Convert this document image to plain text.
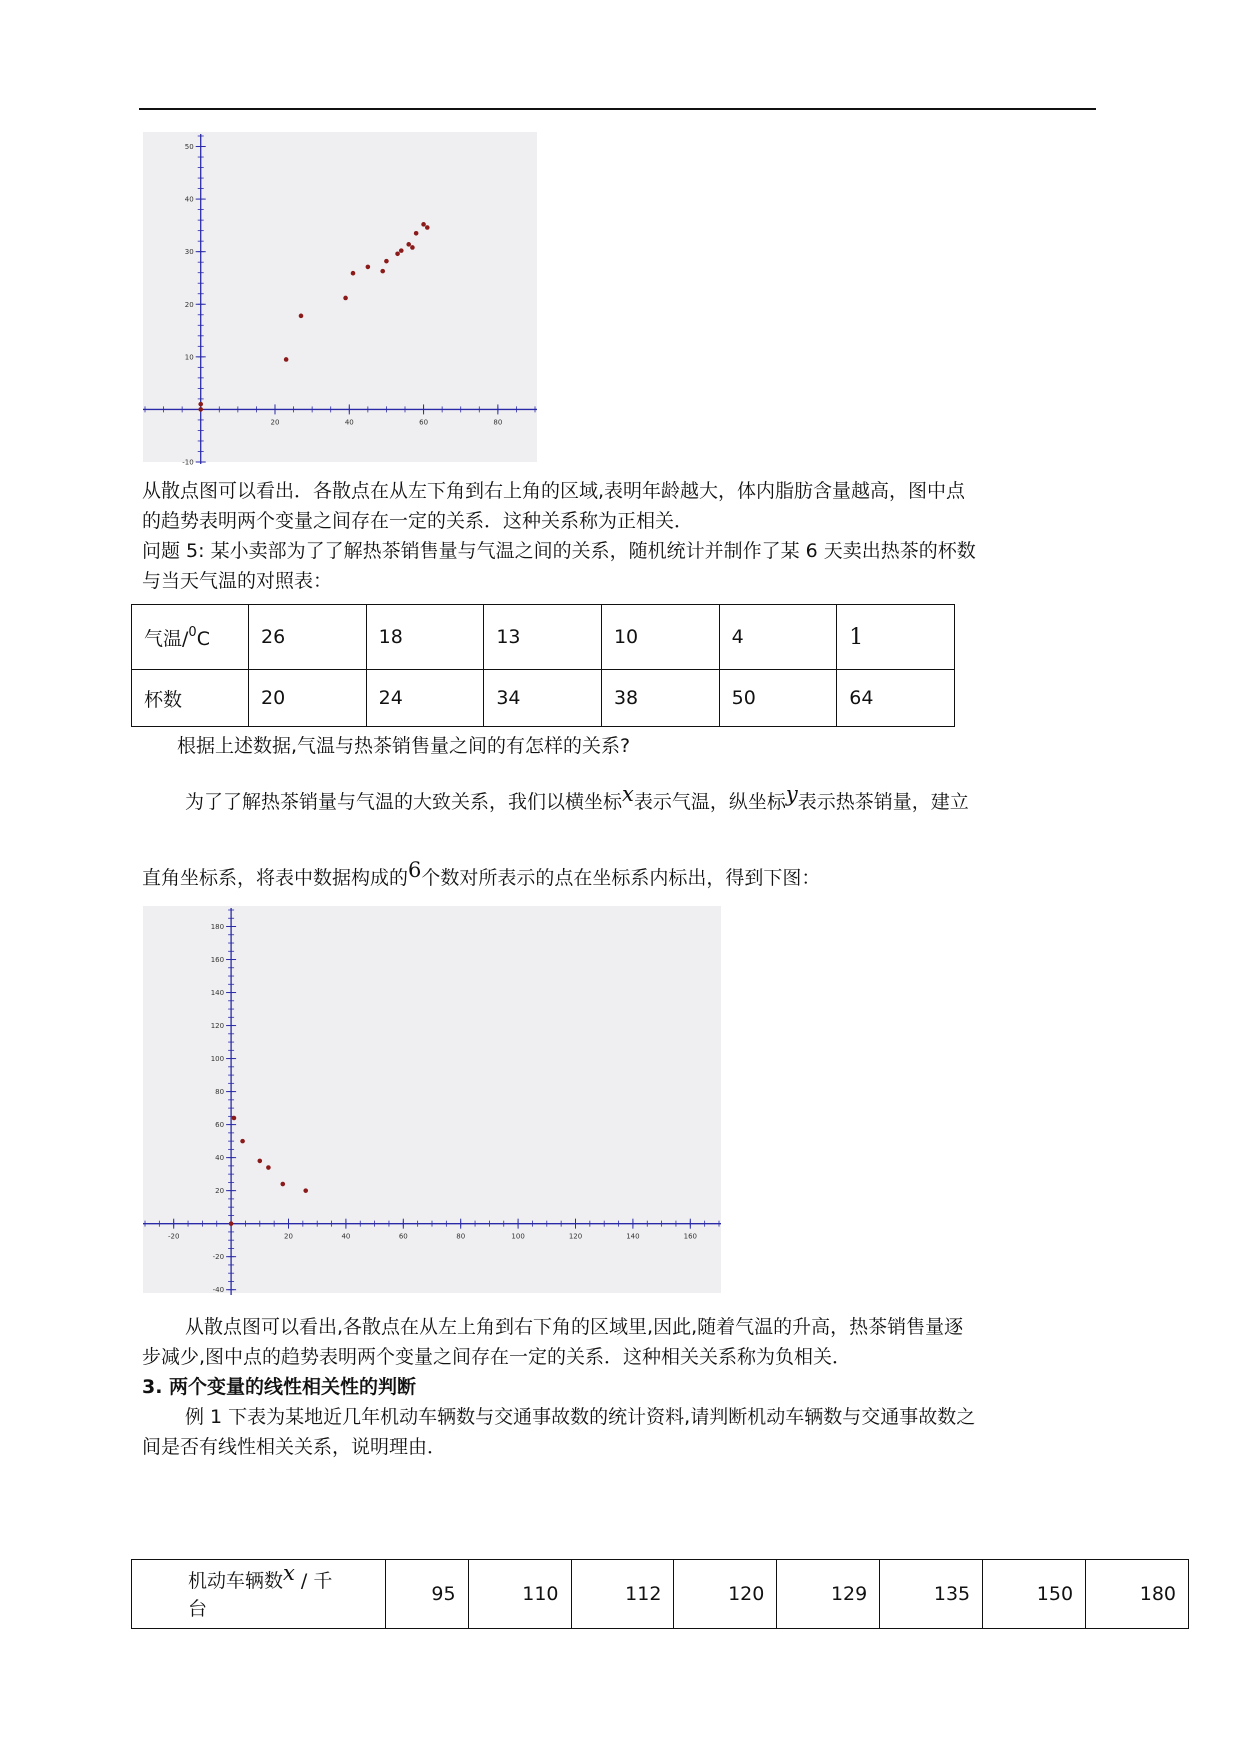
20	40	60	80
-10
10
20
30
40
50
从散点图可以看出．各散点在从左下角到右上角的区域,表明年龄越大，体内脂肪含量越高，图中点
的趋势表明两个变量之间存在一定的关系．这种关系称为正相关．
问题 5: 某小卖部为了了解热茶销售量与气温之间的关系，随机统计并制作了某 6 天卖出热茶的杯数
与当天气温的对照表：
气温/$^0$C	26	18	13	10	4	1
杯数	20	24	34	38	50	64
根据上述数据,气温与热茶销售量之间的有怎样的关系?
为了了解热茶销量与气温的大致关系，我们以横坐标x表示气温，纵坐标y表示热茶销量，建立
直角坐标系，将表中数据构成的6个数对所表示的点在坐标系内标出，得到下图：
-20	20	40	60	80	100	120	140	160
-40
-20
20
40
60
80
100
120
140
160
180
从散点图可以看出,各散点在从左上角到右下角的区域里,因此,随着气温的升高，热茶销售量逐
步减少,图中点的趋势表明两个变量之间存在一定的关系．这种相关关系称为负相关．
3. 两个变量的线性相关性的判断
例 1 下表为某地近几年机动车辆数与交通事故数的统计资料,请判断机动车辆数与交通事故数之
间是否有线性相关关系，说明理由．
机动车辆数x / 千
台	95	110	112	120	129	135	150	180
